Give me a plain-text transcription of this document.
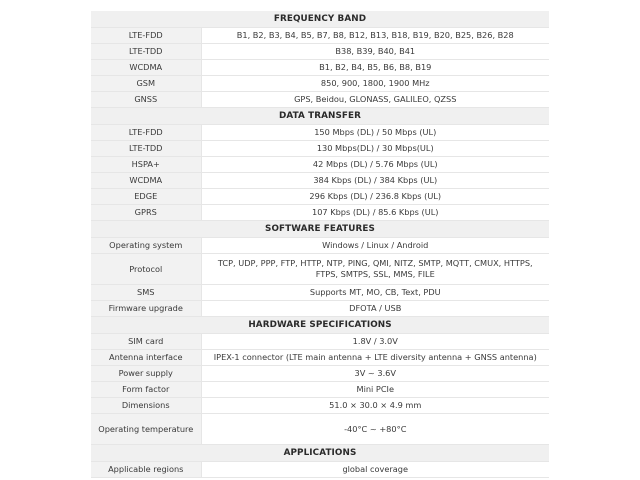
FREQUENCY BAND	
LTE-FDD	B1, B2, B3, B4, B5, B7, B8, B12, B13, B18, B19, B20, B25, B26, B28
LTE-TDD	B38, B39, B40, B41
WCDMA	B1, B2, B4, B5, B6, B8, B19
GSM	850, 900, 1800, 1900 MHz
GNSS	GPS, Beidou, GLONASS, GALILEO, QZSS
DATA TRANSFER	
LTE-FDD	150 Mbps (DL) / 50 Mbps (UL)
LTE-TDD	130 Mbps(DL) / 30 Mbps(UL)
HSPA+	42 Mbps (DL) / 5.76 Mbps (UL)
WCDMA	384 Kbps (DL) / 384 Kbps (UL)
EDGE	296 Kbps (DL) / 236.8 Kbps (UL)
GPRS	107 Kbps (DL) / 85.6 Kbps (UL)
SOFTWARE FEATURES	
Operating system	Windows / Linux / Android
Protocol	TCP, UDP, PPP, FTP, HTTP, NTP, PING, QMI, NITZ, SMTP, MQTT, CMUX, HTTPS, FTPS, SMTPS, SSL, MMS, FILE
SMS	Supports MT, MO, CB, Text, PDU
Firmware upgrade	DFOTA / USB
HARDWARE SPECIFICATIONS	
SIM card	1.8V / 3.0V
Antenna interface	IPEX-1 connector (LTE main antenna + LTE diversity antenna + GNSS antenna)
Power supply	3V ~ 3.6V
Form factor	Mini PCIe
Dimensions	51.0 × 30.0 × 4.9 mm
Operating temperature	-40°C ~ +80°C
APPLICATIONS	
Applicable regions	global coverage
